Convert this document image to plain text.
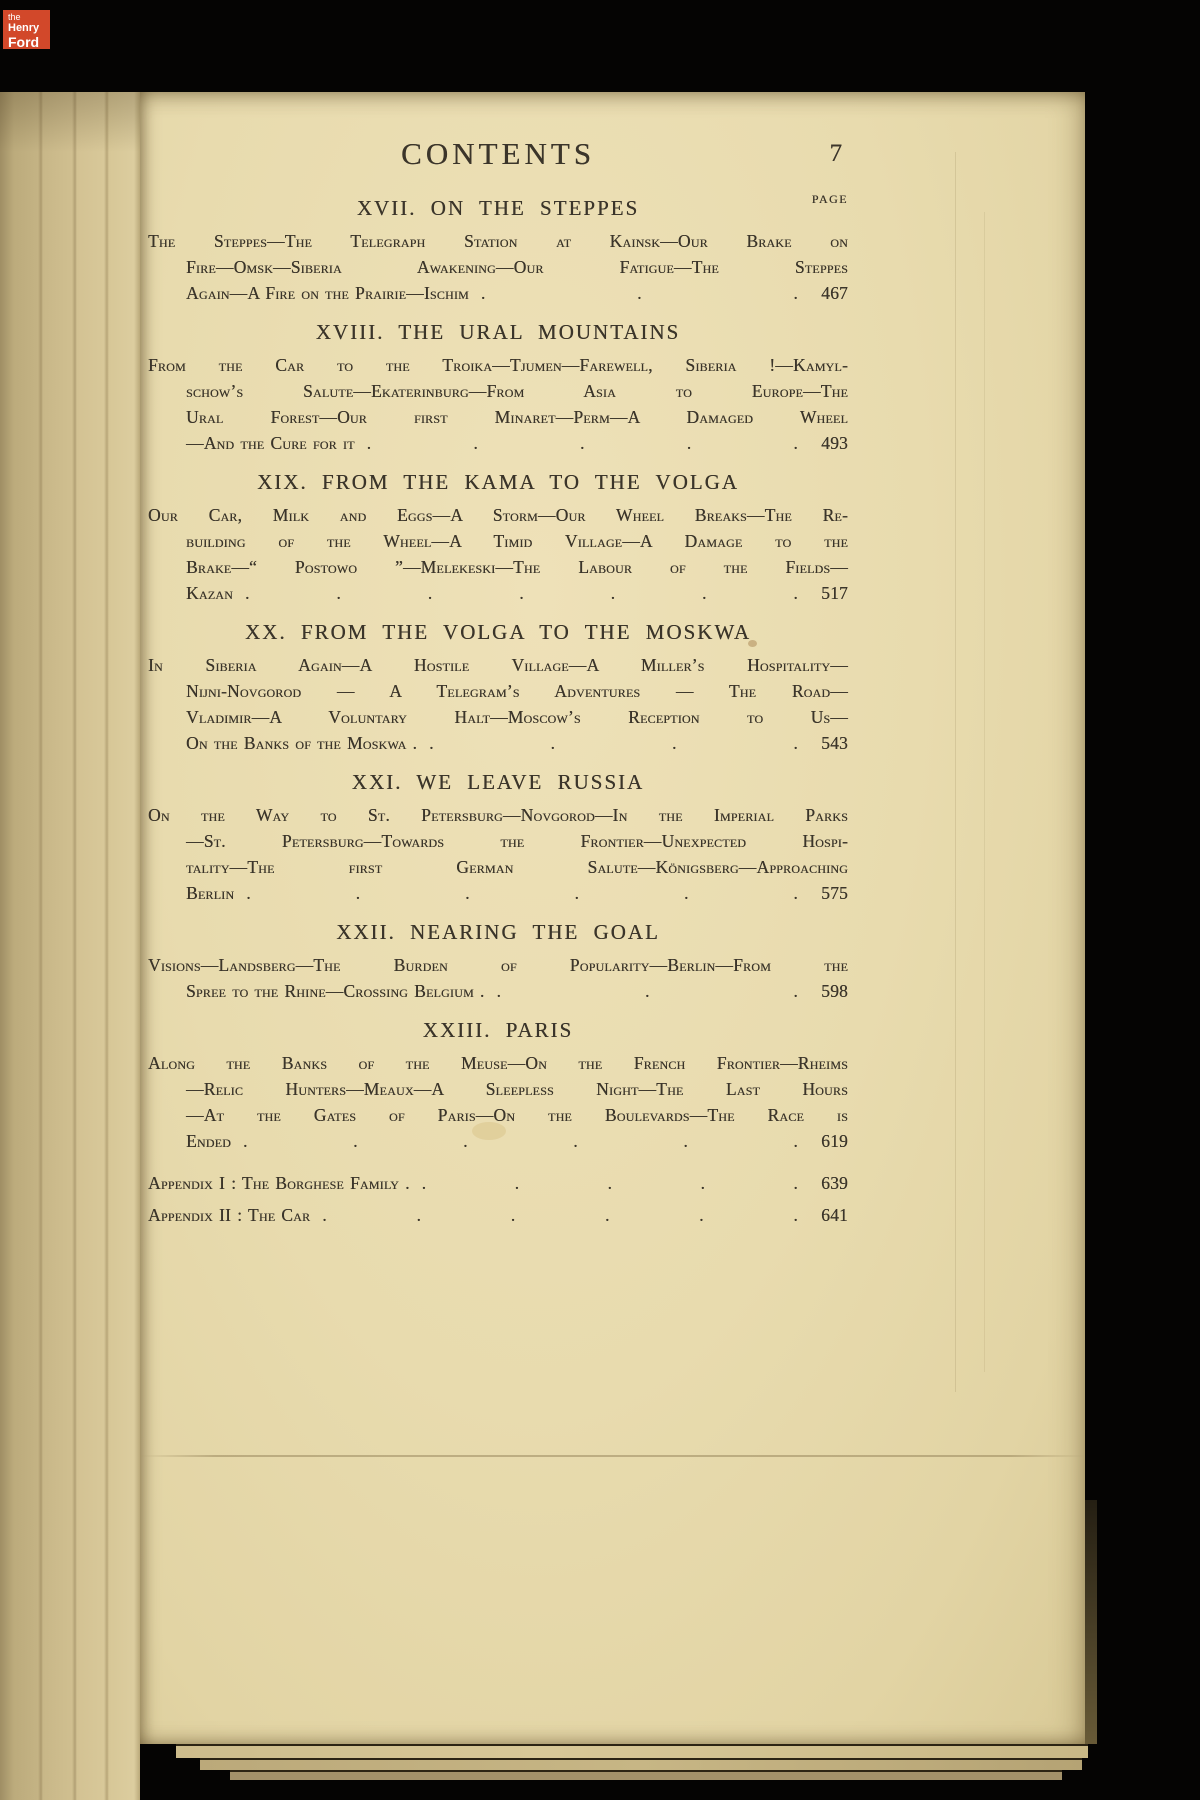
the
Henry
Ford
CONTENTS	7
PAGE
XVII. ON THE STEPPES
The Steppes—The Telegraph Station at Kainsk—Our Brake on
Fire—Omsk—Siberia Awakening—Our Fatigue—The Steppes
Again—A Fire on the Prairie—Ischim . . .	467
XVIII. THE URAL MOUNTAINS
From the Car to the Troika—Tjumen—Farewell, Siberia !—Kamyl-
schow’s Salute—Ekaterinburg—From Asia to Europe—The
Ural Forest—Our first Minaret—Perm—A Damaged Wheel
—And the Cure for it . . . . .	493
XIX. FROM THE KAMA TO THE VOLGA
Our Car, Milk and Eggs—A Storm—Our Wheel Breaks—The Re-
building of the Wheel—A Timid Village—A Damage to the
Brake—“ Postowo ”—Melekeski—The Labour of the Fields—
Kazan . . . . . . .	517
XX. FROM THE VOLGA TO THE MOSKWA
In Siberia Again—A Hostile Village—A Miller’s Hospitality—
Nijni-Novgorod — A Telegram’s Adventures — The Road—
Vladimir—A Voluntary Halt—Moscow’s Reception to Us—
On the Banks of the Moskwa . . . . .	543
XXI. WE LEAVE RUSSIA
On the Way to St. Petersburg—Novgorod—In the Imperial Parks
—St. Petersburg—Towards the Frontier—Unexpected Hospi-
tality—The first German Salute—Königsberg—Approaching
Berlin . . . . . .	575
XXII. NEARING THE GOAL
Visions—Landsberg—The Burden of Popularity—Berlin—From the
Spree to the Rhine—Crossing Belgium . . . .	598
XXIII. PARIS
Along the Banks of the Meuse—On the French Frontier—Rheims
—Relic Hunters—Meaux—A Sleepless Night—The Last Hours
—At the Gates of Paris—On the Boulevards—The Race is
Ended . . . . . .	619
Appendix I : The Borghese Family . . . . . .	639
Appendix II : The Car . . . . . .	641
